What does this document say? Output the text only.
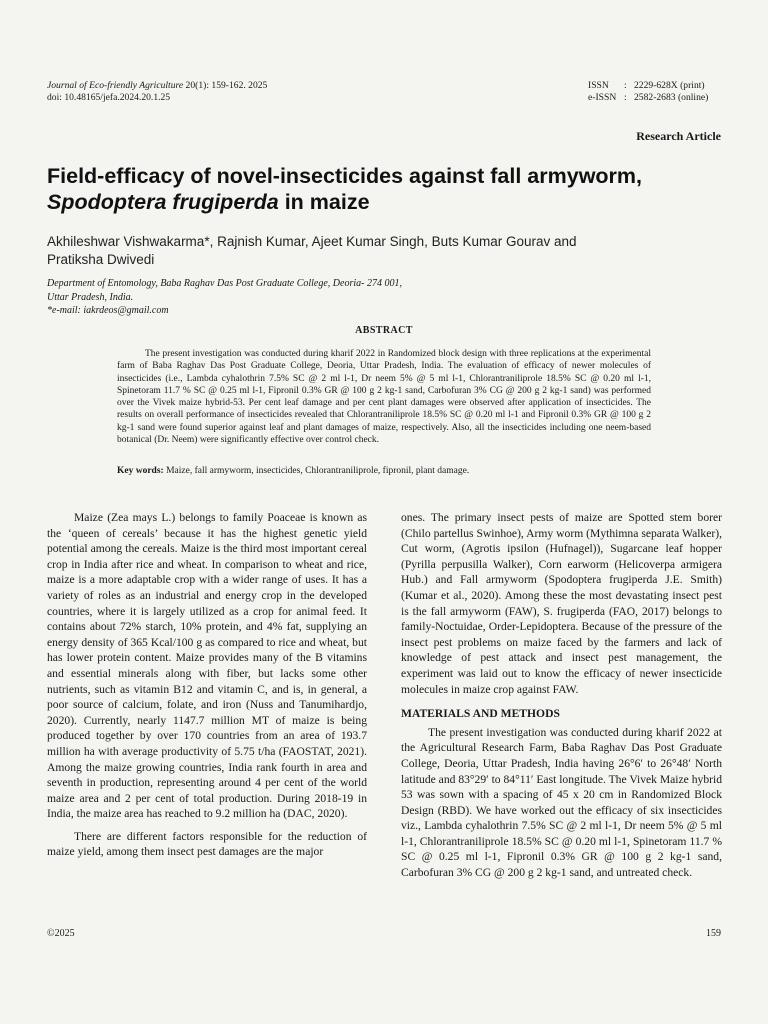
Journal of Eco-friendly Agriculture 20(1): 159-162. 2025
doi: 10.48165/jefa.2024.20.1.25
ISSN : 2229-628X (print)
e-ISSN : 2582-2683 (online)
Research Article
Field-efficacy of novel-insecticides against fall armyworm,
Spodoptera frugiperda in maize
Akhileshwar Vishwakarma*, Rajnish Kumar, Ajeet Kumar Singh, Buts Kumar Gourav and
Pratiksha Dwivedi
Department of Entomology, Baba Raghav Das Post Graduate College, Deoria- 274 001,
Uttar Pradesh, India.
*e-mail: iakrdeos@gmail.com
ABSTRACT
The present investigation was conducted during kharif 2022 in Randomized block design with three replications at the experimental farm of Baba Raghav Das Post Graduate College, Deoria, Uttar Pradesh, India. The evaluation of efficacy of newer molecules of insecticides (i.e., Lambda cyhalothrin 7.5% SC @ 2 ml l-1, Dr neem 5% @ 5 ml l-1, Chlorantraniliprole 18.5% SC @ 0.20 ml l-1, Spinetoram 11.7 % SC @ 0.25 ml l-1, Fipronil 0.3% GR @ 100 g 2 kg-1 sand, Carbofuran 3% CG @ 200 g 2 kg-1 sand) was performed over the Vivek maize hybrid-53. Per cent leaf damage and per cent plant damages were observed after application of insecticides. The results on overall performance of insecticides revealed that Chlorantraniliprole 18.5% SC @ 0.20 ml l-1 and Fipronil 0.3% GR @ 100 g 2 kg-1 sand were found superior against leaf and plant damages of maize, respectively. Also, all the insecticides including one neem-based botanical (Dr. Neem) were significantly effective over control check.
Key words: Maize, fall armyworm, insecticides, Chlorantraniliprole, fipronil, plant damage.

Maize (Zea mays L.) belongs to family Poaceae is known as the ‘queen of cereals’ because it has the highest genetic yield potential among the cereals. Maize is the third most important cereal crop in India after rice and wheat. In comparison to wheat and rice, maize is a more adaptable crop with a wider range of uses. It has a variety of roles as an industrial and energy crop in the developed countries, where it is largely utilized as a crop for animal feed. It contains about 72% starch, 10% protein, and 4% fat, supplying an energy density of 365 Kcal/100 g as compared to rice and wheat, but has lower protein content. Maize provides many of the B vitamins and essential minerals along with fiber, but lacks some other nutrients, such as vitamin B12 and vitamin C, and is, in general, a poor source of calcium, folate, and iron (Nuss and Tanumihardjo, 2020). Currently, nearly 1147.7 million MT of maize is being produced together by over 170 countries from an area of 193.7 million ha with average productivity of 5.75 t/ha (FAOSTAT, 2021). Among the maize growing countries, India rank fourth in area and seventh in production, representing around 4 per cent of the world maize area and 2 per cent of total production. During 2018-19 in India, the maize area has reached to 9.2 million ha (DAC, 2020).

There are different factors responsible for the reduction of maize yield, among them insect pest damages are the major

ones. The primary insect pests of maize are Spotted stem borer (Chilo partellus Swinhoe), Army worm (Mythimna separata Walker), Cut worm, (Agrotis ipsilon (Hufnagel)), Sugarcane leaf hopper (Pyrilla perpusilla Walker), Corn earworm (Helicoverpa armigera Hub.) and Fall armyworm (Spodoptera frugiperda J.E. Smith) (Kumar et al., 2020). Among these the most devastating insect pest is the fall armyworm (FAW), S. frugiperda (FAO, 2017) belongs to family-Noctuidae, Order-Lepidoptera. Because of the pressure of the insect pest problems on maize faced by the farmers and lack of knowledge of pest attack and insect pest management, the experiment was laid out to know the efficacy of newer insecticide molecules in maize crop against FAW.

MATERIALS AND METHODS

The present investigation was conducted during kharif 2022 at the Agricultural Research Farm, Baba Raghav Das Post Graduate College, Deoria, Uttar Pradesh, India having 26°6′ to 26°48′ North latitude and 83°29′ to 84°11′ East longitude. The Vivek Maize hybrid 53 was sown with a spacing of 45 x 20 cm in Randomized Block Design (RBD). We have worked out the efficacy of six insecticides viz., Lambda cyhalothrin 7.5% SC @ 2 ml l-1, Dr neem 5% @ 5 ml l-1, Chlorantraniliprole 18.5% SC @ 0.20 ml l-1, Spinetoram 11.7 % SC @ 0.25 ml l-1, Fipronil 0.3% GR @ 100 g 2 kg-1 sand, Carbofuran 3% CG @ 200 g 2 kg-1 sand, and untreated check.

©2025	159
